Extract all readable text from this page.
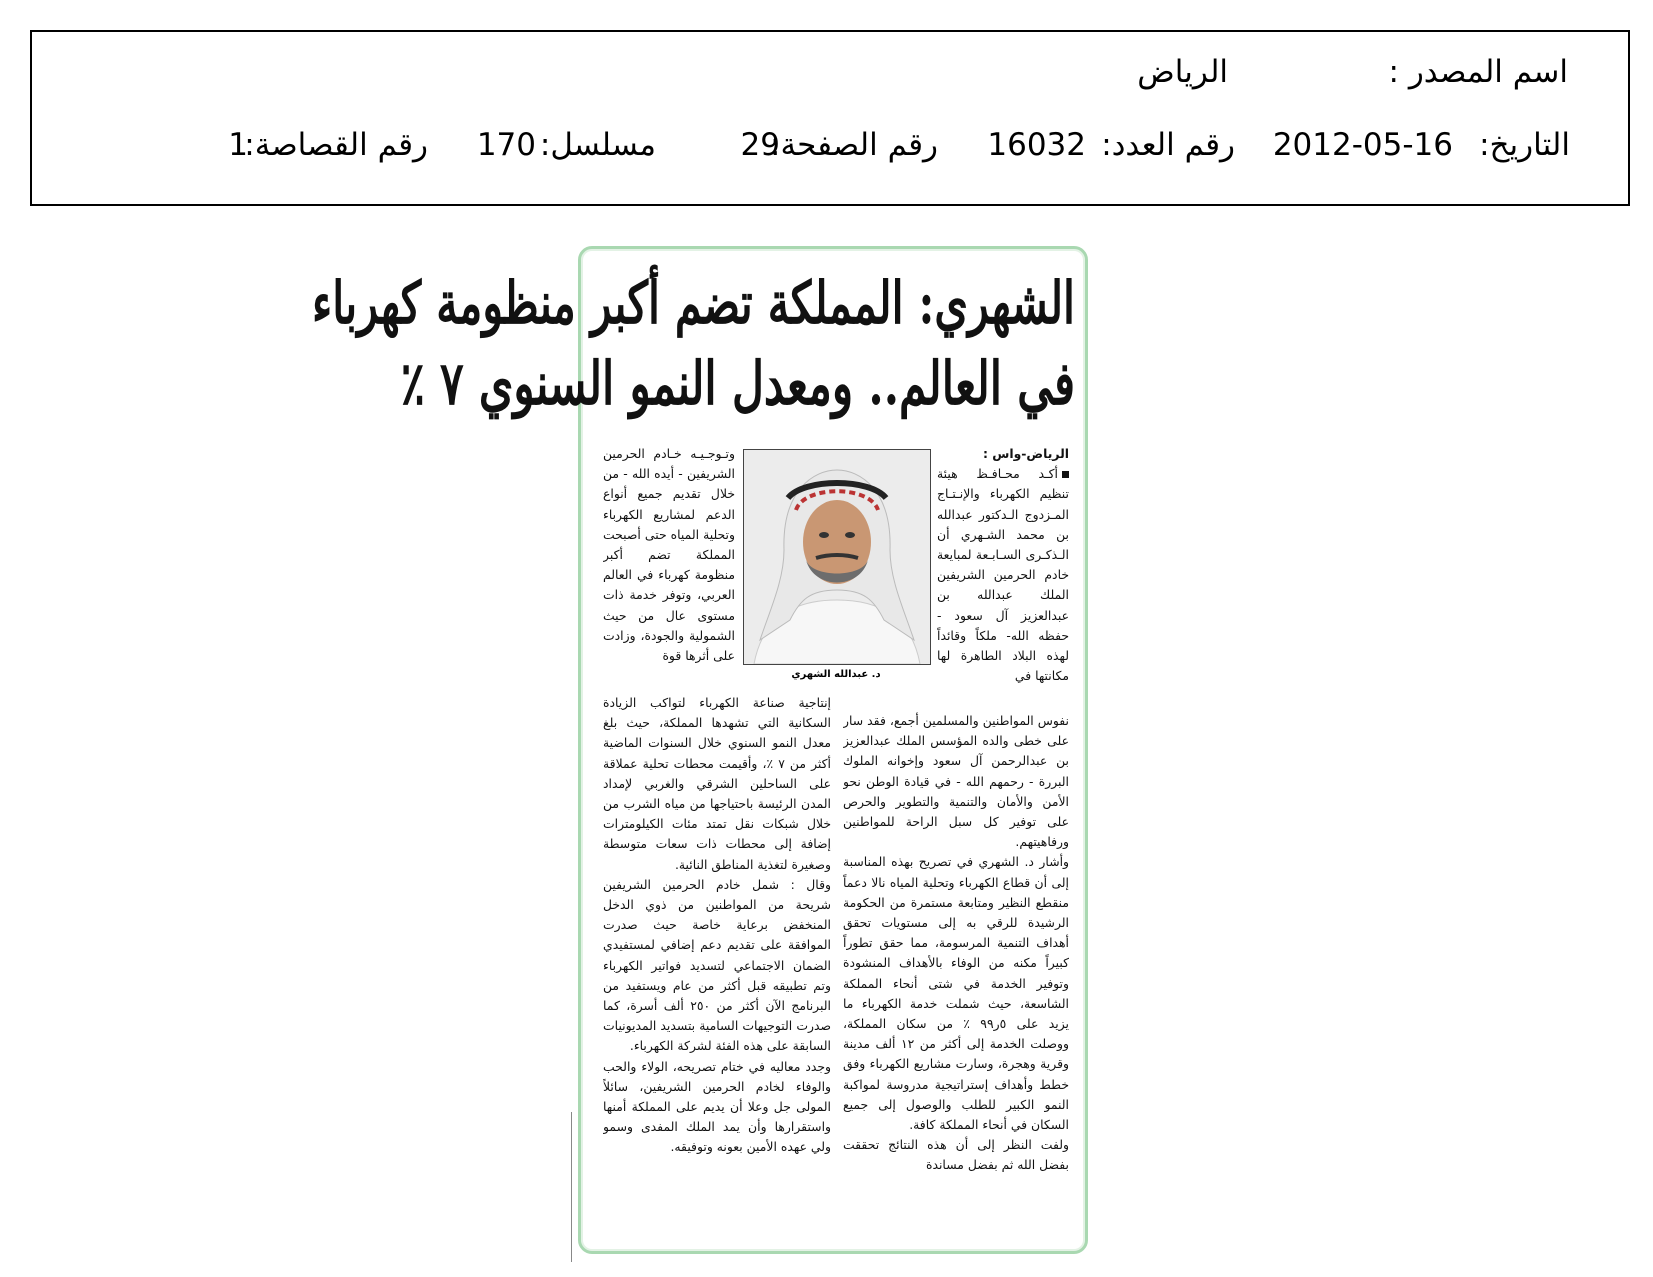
اسم المصدر :
الرياض
التاريخ:
2012-05-16
رقم العدد:
16032
رقم الصفحة:
29
مسلسل:
170
رقم القصاصة:
1
الشهري: المملكة تضم أكبر منظومة كهرباء
في العالم.. ومعدل النمو السنوي ٧ ٪
د. عبدالله الشهري
الرياض-واس :

أكـد محـافـظ هيئة تنظيم الكهرباء والإنـتـاج المـزدوج الـدكتور عبدالله بن محمد الشـهري أن الـذكـرى السـابـعة لمبايعة خادم الحرمين الشريفين الملك عبدالله بن عبدالعزيز آل سعود - حفظه الله- ملكاً وقائداً لهذه البلاد الطاهرة لها مكانتها في

وتـوجـيـه خـادم الحرمين الشريفين - أيده الله - من خلال تقديم جميع أنواع الدعم لمشاريع الكهرباء وتحلية المياه حتى أصبحت المملكة تضم أكبر منظومة كهرباء في العالم العربي، وتوفر خدمة ذات مستوى عال من حيث الشمولية والجودة، وزادت على أثرها قوة

نفوس المواطنين والمسلمين أجمع، فقد سار على خطى والده المؤسس الملك عبدالعزيز بن عبدالرحمن آل سعود وإخوانه الملوك البررة - رحمهم الله - في قيادة الوطن نحو الأمن والأمان والتنمية والتطوير والحرص على توفير كل سبل الراحة للمواطنين ورفاهيتهم.

وأشار د. الشهري في تصريح بهذه المناسبة إلى أن قطاع الكهرباء وتحلية المياه نالا دعماً منقطع النظير ومتابعة مستمرة من الحكومة الرشيدة للرقي به إلى مستويات تحقق أهداف التنمية المرسومة، مما حقق تطوراً كبيراً مكنه من الوفاء بالأهداف المنشودة وتوفير الخدمة في شتى أنحاء المملكة الشاسعة، حيث شملت خدمة الكهرباء ما يزيد على ٥ر٩٩ ٪ من سكان المملكة، ووصلت الخدمة إلى أكثر من ١٢ ألف مدينة وقرية وهجرة، وسارت مشاريع الكهرباء وفق خطط وأهداف إستراتيجية مدروسة لمواكبة النمو الكبير للطلب والوصول إلى جميع السكان في أنحاء المملكة كافة.

ولفت النظر إلى أن هذه النتائج تحققت بفضل الله ثم بفضل مساندة

إنتاجية صناعة الكهرباء لتواكب الزيادة السكانية التي تشهدها المملكة، حيث بلغ معدل النمو السنوي خلال السنوات الماضية أكثر من ٧ ٪، وأقيمت محطات تحلية عملاقة على الساحلين الشرقي والغربي لإمداد المدن الرئيسة باحتياجها من مياه الشرب من خلال شبكات نقل تمتد مئات الكيلومترات إضافة إلى محطات ذات سعات متوسطة وصغيرة لتغذية المناطق النائية.

وقال : شمل خادم الحرمين الشريفين شريحة من المواطنين من ذوي الدخل المنخفض برعاية خاصة حيث صدرت الموافقة على تقديم دعم إضافي لمستفيدي الضمان الاجتماعي لتسديد فواتير الكهرباء وتم تطبيقه قبل أكثر من عام ويستفيد من البرنامج الآن أكثر من ٢٥٠ ألف أسرة، كما صدرت التوجيهات السامية بتسديد المديونيات السابقة على هذه الفئة لشركة الكهرباء.

وجدد معاليه في ختام تصريحه، الولاء والحب والوفاء لخادم الحرمين الشريفين، سائلاً المولى جل وعلا أن يديم على المملكة أمنها واستقرارها وأن يمد الملك المفدى وسمو ولي عهده الأمين بعونه وتوفيقه.
